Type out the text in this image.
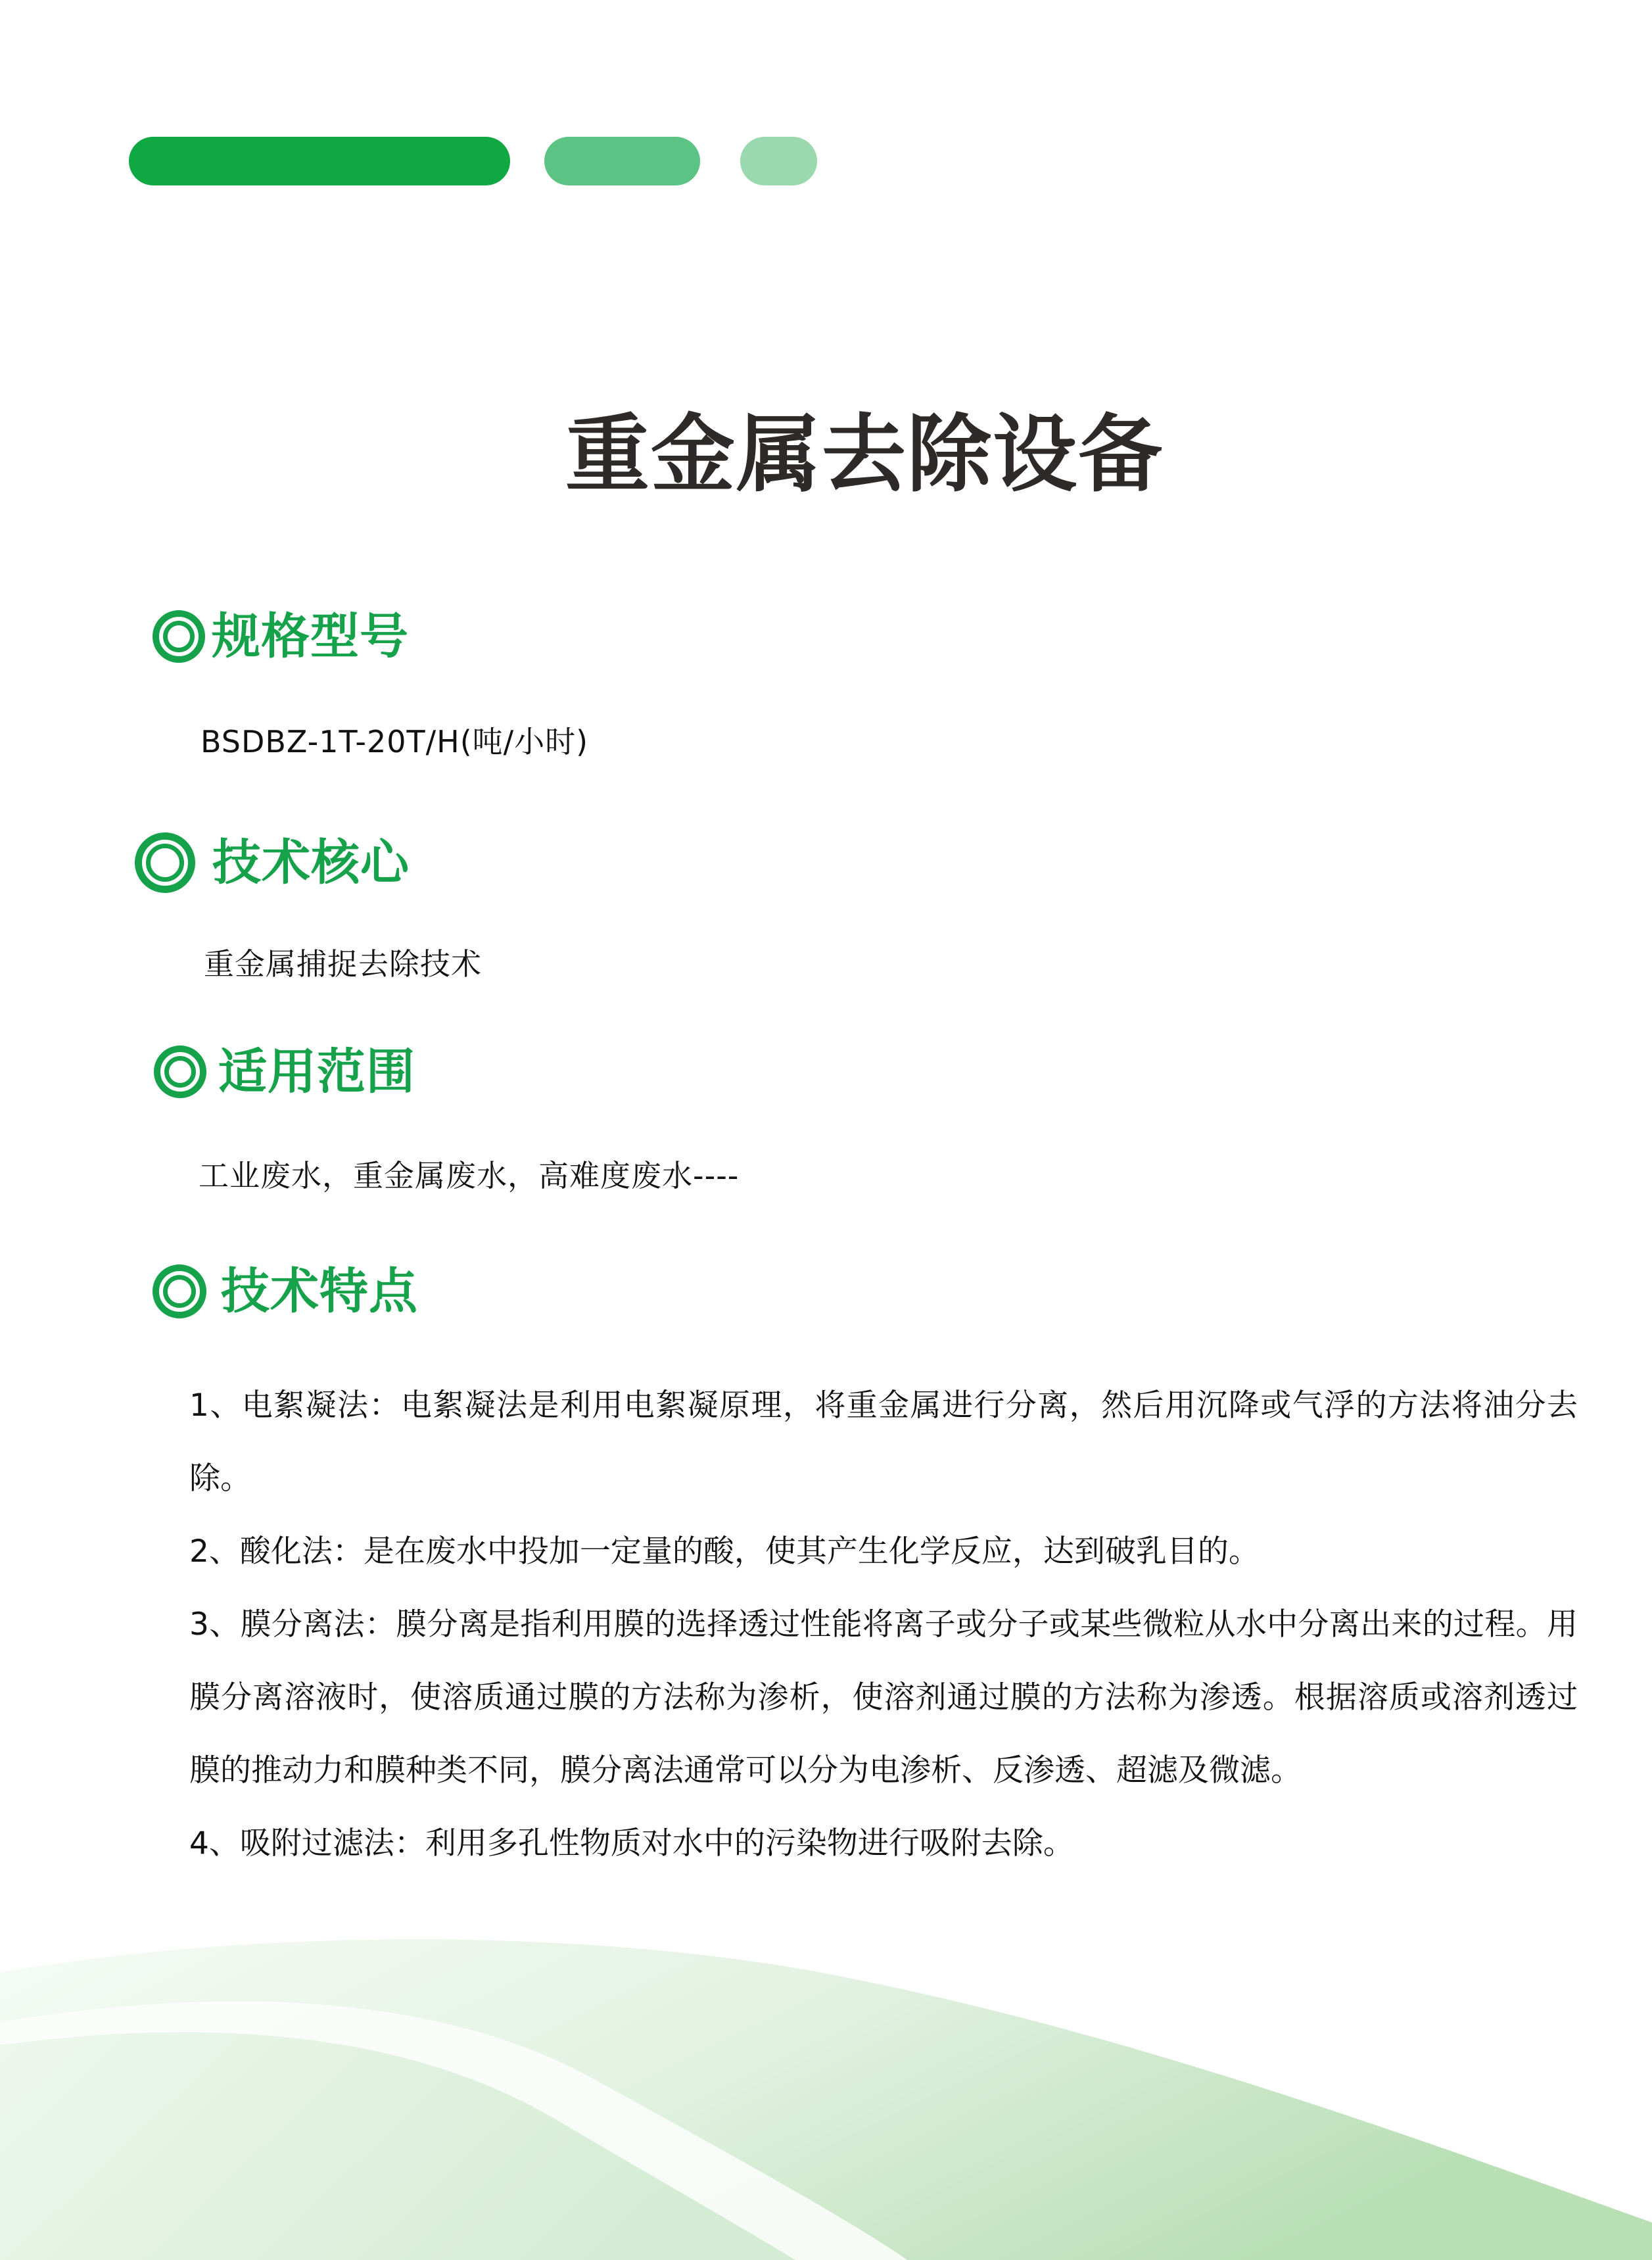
重金属去除设备
规格型号
BSDBZ-1T-20T/H(吨/小时)
技术核心
重金属捕捉去除技术
适用范围
工业废水，重金属废水，高难度废水----
技术特点

1、电絮凝法：电絮凝法是利用电絮凝原理，将重金属进行分离，然后用沉降或气浮的方法将油分去除。

2、酸化法：是在废水中投加一定量的酸，使其产生化学反应，达到破乳目的。

3、膜分离法：膜分离是指利用膜的选择透过性能将离子或分子或某些微粒从水中分离出来的过程。用膜分离溶液时，使溶质通过膜的方法称为渗析，使溶剂通过膜的方法称为渗透。根据溶质或溶剂透过膜的推动力和膜种类不同，膜分离法通常可以分为电渗析、反渗透、超滤及微滤。

4、吸附过滤法：利用多孔性物质对水中的污染物进行吸附去除。
